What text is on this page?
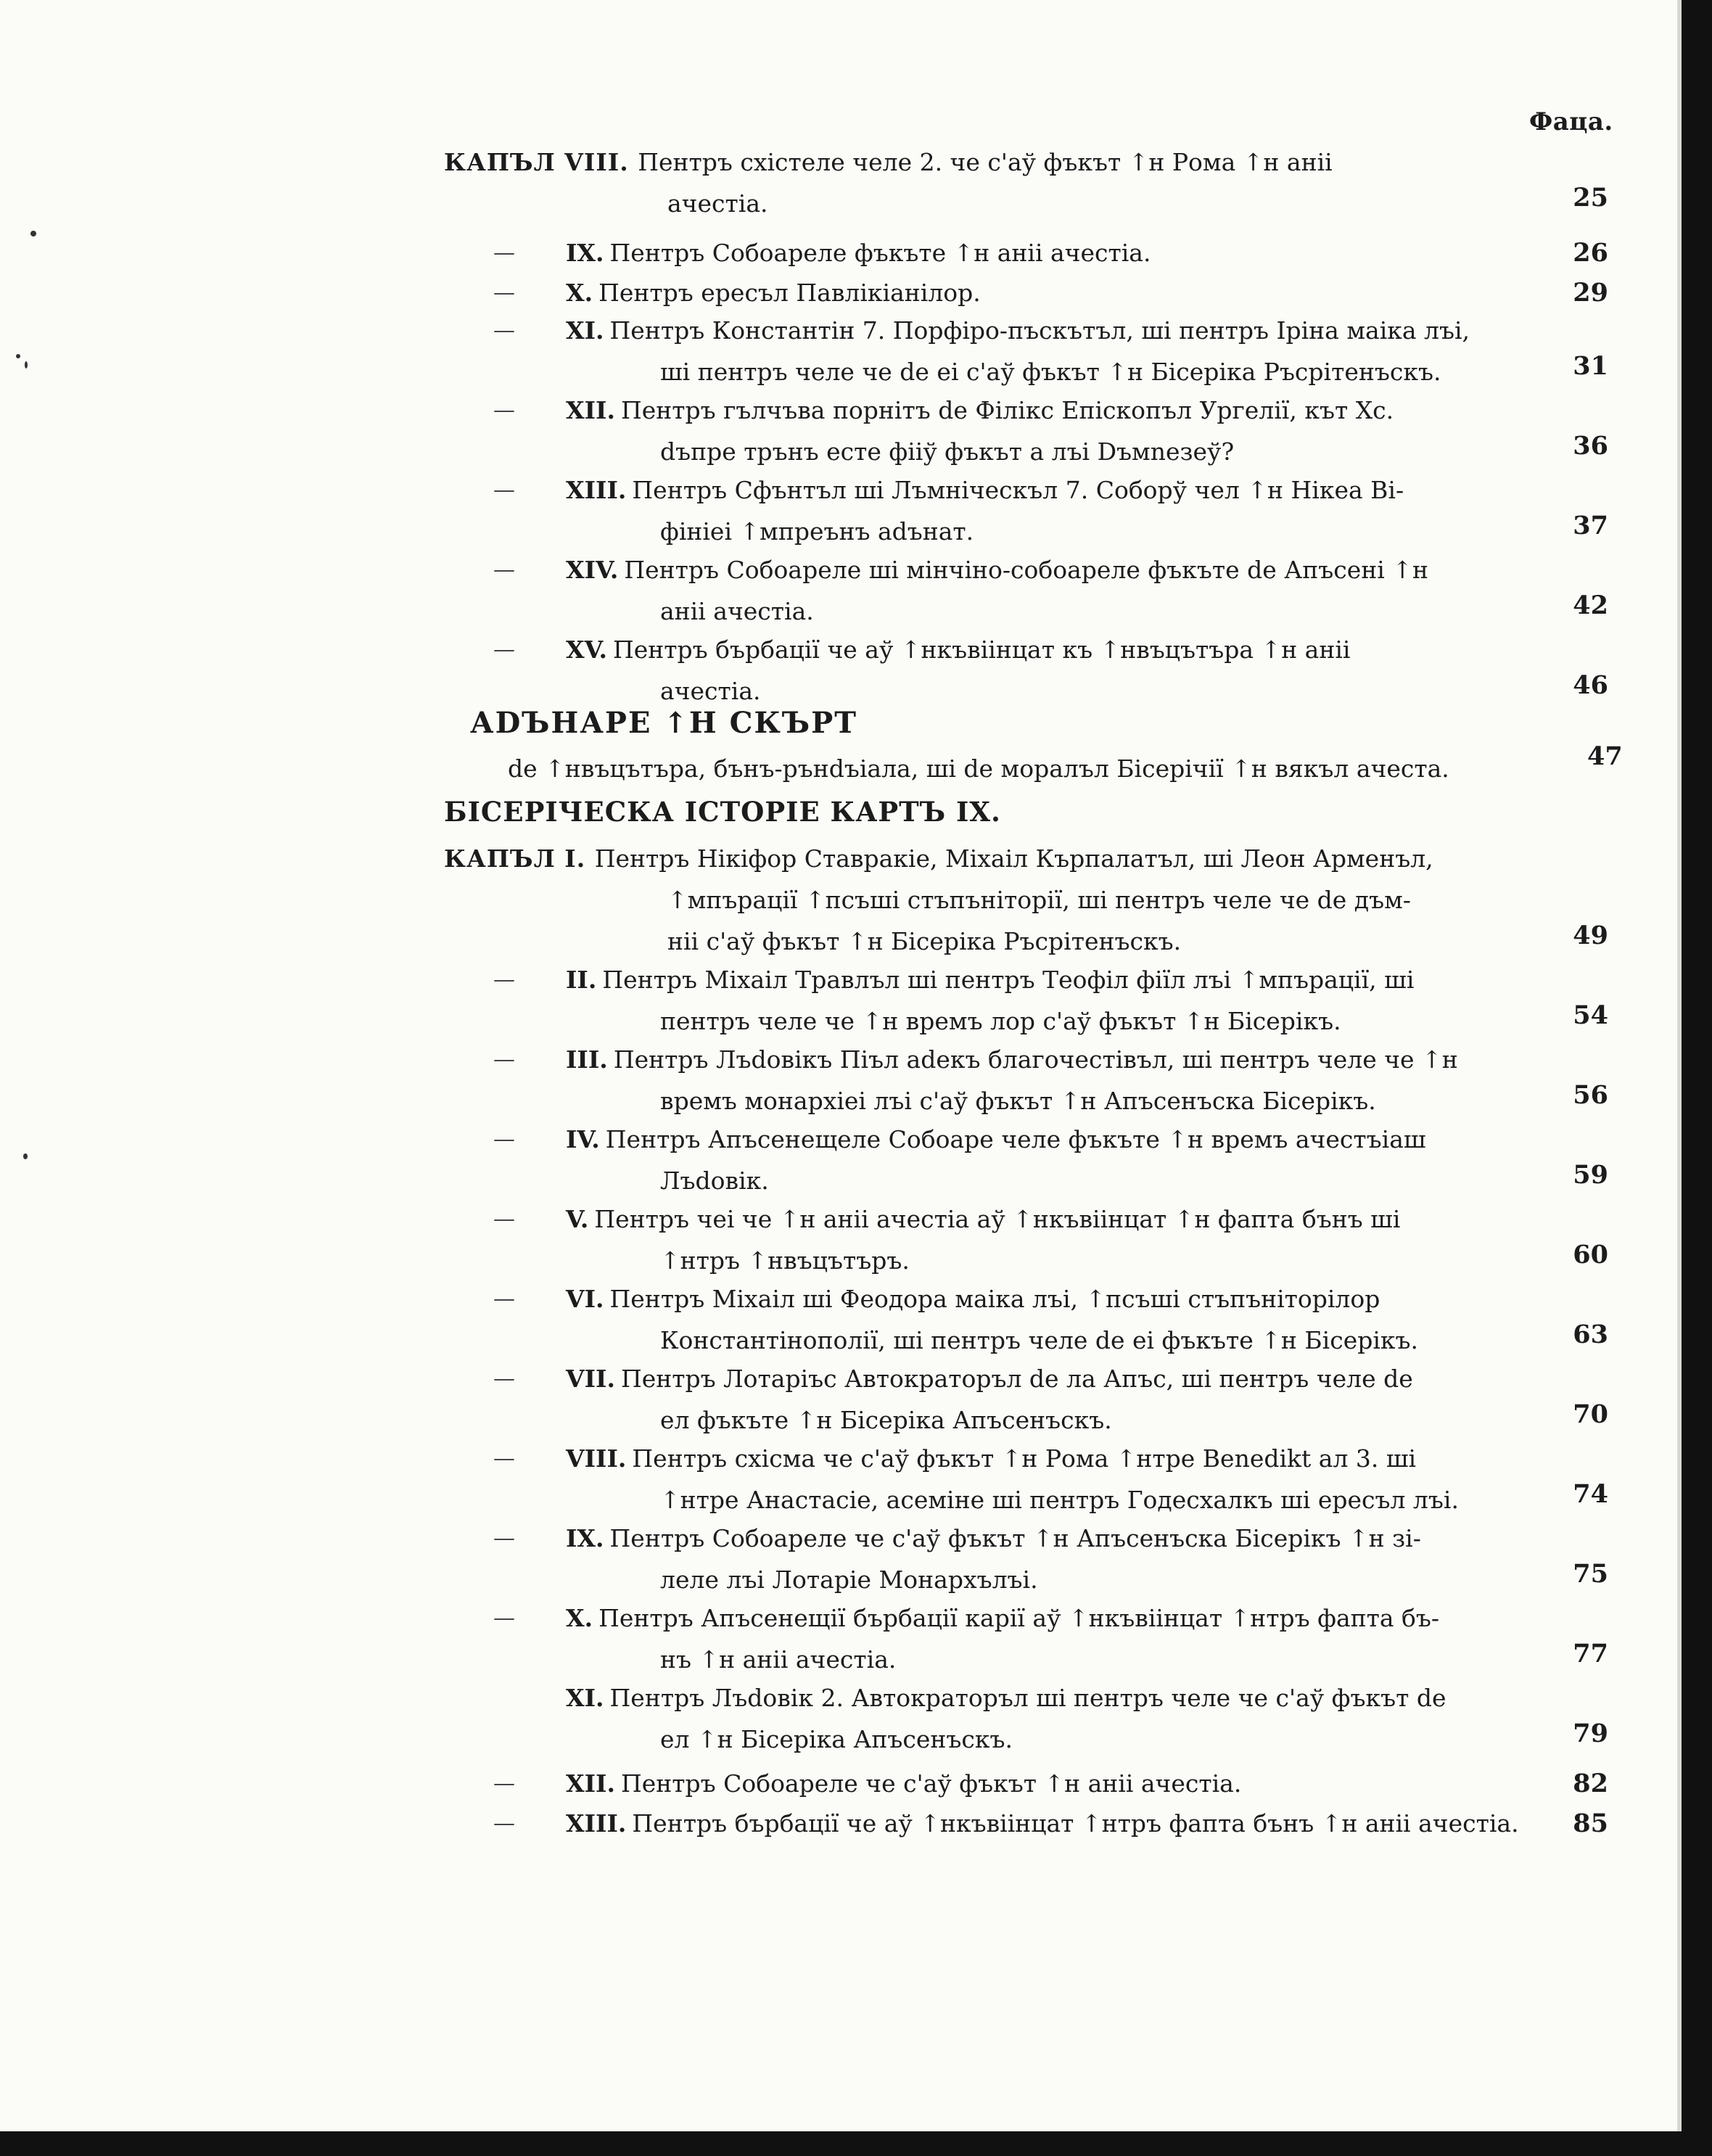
Фаца.
КАПЪЛ VIII. Пентръ схістеле челе 2. че с'аў фъкът ↑н Рома ↑н аніі
ачестіа.	25
— IX. Пентръ Собоареле фъкъте ↑н аніі ачестіа.	26
— X. Пентръ ересъл Павлікіанілор.	29
— XI. Пентръ Константін 7. Порфіро-пъскътъл, ші пентръ Іріна маіка лъі,
ші пентръ челе че de еі с'аў фъкът ↑н Бісеріка Ръсрітенъскъ.	31
— XII. Пентръ гълчъва порнітъ de Філікс Епіскопъл Ургелії, кът Хс.
dъпре трънъ есте фііў фъкът а лъі Dъмnезеў?	36
— XIII. Пентръ Сфънтъл ші Лъмніческъл 7. Соборў чел ↑н Нікеа Ві-
фініеі ↑мпреънъ adънат.	37
— XIV. Пентръ Собоареле ші мінчіно-собоареле фъкъте de Апъсені ↑н
аніі ачестіа.	42
— XV. Пентръ бърбації че аў ↑нкъвіінцат къ ↑нвъцътъра ↑н аніі
ачестіа.	46
КАПЪЛ I. Пентръ Нікіфор Ставракіе, Міхаіл Кърпалатъл, ші Леон Арменъл,
↑мпърації ↑псъші стъпъніторії, ші пентръ челе че de дъм-
ніі с'аў фъкът ↑н Бісеріка Ръсрітенъскъ.	49
— II. Пентръ Міхаіл Травлъл ші пентръ Теофіл фіїл лъі ↑мпърації, ші
пентръ челе че ↑н времъ лор с'аў фъкът ↑н Бісерікъ.	54
— III. Пентръ Лъdовікъ Піъл аdекъ благочестівъл, ші пентръ челе че ↑н
времъ монархіеі лъі с'аў фъкът ↑н Апъсенъска Бісерікъ.	56
— IV. Пентръ Апъсенещеле Собоаре челе фъкъте ↑н времъ ачестъіаш
Лъdовік.	59
— V. Пентръ чеі че ↑н аніі ачестіа аў ↑нкъвіінцат ↑н фапта бънъ ші
↑нтръ ↑нвъцътъръ.	60
— VI. Пентръ Міхаіл ші Феодора маіка лъі, ↑псъші стъпъніторілор
Константінополії, ші пентръ челе de еі фъкъте ↑н Бісерікъ.	63
— VII. Пентръ Лотаріъс Автократоръл de ла Апъс, ші пентръ челе de
ел фъкъте ↑н Бісеріка Апъсенъскъ.	70
— VIII. Пентръ схісма че с'аў фъкът ↑н Рома ↑нтре Benedikt ал 3. ші
↑нтре Анастасіе, асемінe ші пентръ Годесхалкъ ші ересъл лъі.	74
— IX. Пентръ Собоареле че с'аў фъкът ↑н Апъсенъска Бісерікъ ↑н зі-
леле лъі Лотаріе Монархълъі.	75
— X. Пентръ Апъсенещії бърбації карії аў ↑нкъвіінцат ↑нтръ фапта бъ-
нъ ↑н аніі ачестіа.	77
XI. Пентръ Лъdовік 2. Автократоръл ші пентръ челе че с'аў фъкът de
ел ↑н Бісеріка Апъсенъскъ.	79
— XII. Пентръ Собоареле че с'аў фъкът ↑н аніі ачестіа.	82
— XIII. Пентръ бърбації че аў ↑нкъвіінцат ↑нтръ фапта бънъ ↑н аніі ачестіа.	85
АDЪНАРЕ ↑Н СКЪРТ
de ↑нвъцътъра, бънъ-рънdъіала, ші de моралъл Бісерічії ↑н вякъл ачеста.	47
БІСЕРІЧЕСКА ІСТОРІЕ КАРТЪ IX.
